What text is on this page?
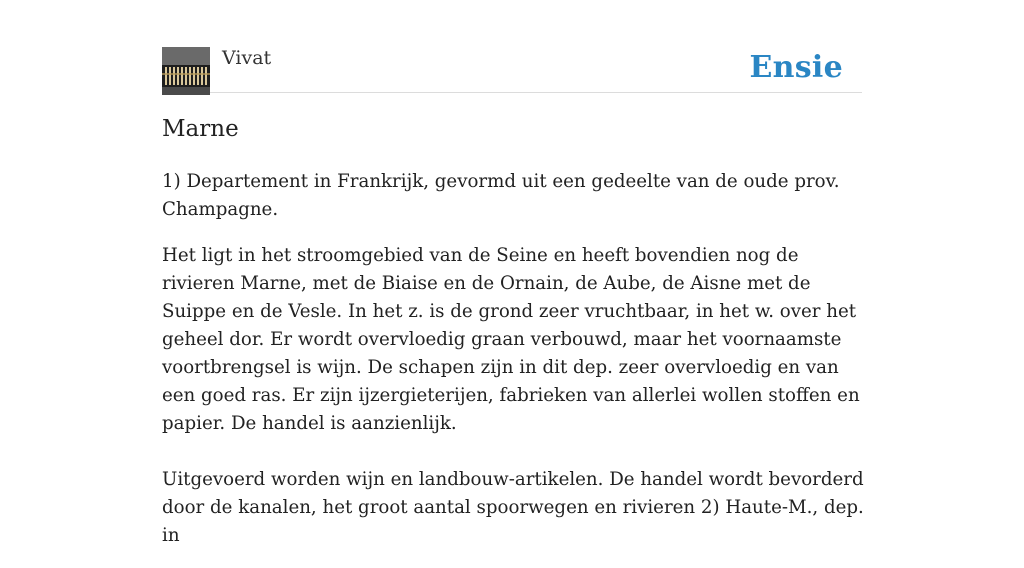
Vivat	Ensie
Marne

1) Departement in Frankrijk, gevormd uit een gedeelte van de oude prov. Champagne.

Het ligt in het stroomgebied van de Seine en heeft bovendien nog de rivieren Marne, met de Biaise en de Ornain, de Aube, de Aisne met de Suippe en de Vesle. In het z. is de grond zeer vruchtbaar, in het w. over het geheel dor. Er wordt overvloedig graan verbouwd, maar het voornaamste voortbrengsel is wijn. De schapen zijn in dit dep. zeer overvloedig en van een goed ras. Er zijn ijzergieterijen, fabrieken van allerlei wollen stoffen en papier. De handel is aanzienlijk.

Uitgevoerd worden wijn en landbouw-artikelen. De handel wordt bevorderd door de kanalen, het groot aantal spoorwegen en rivieren 2) Haute-M., dep. in
